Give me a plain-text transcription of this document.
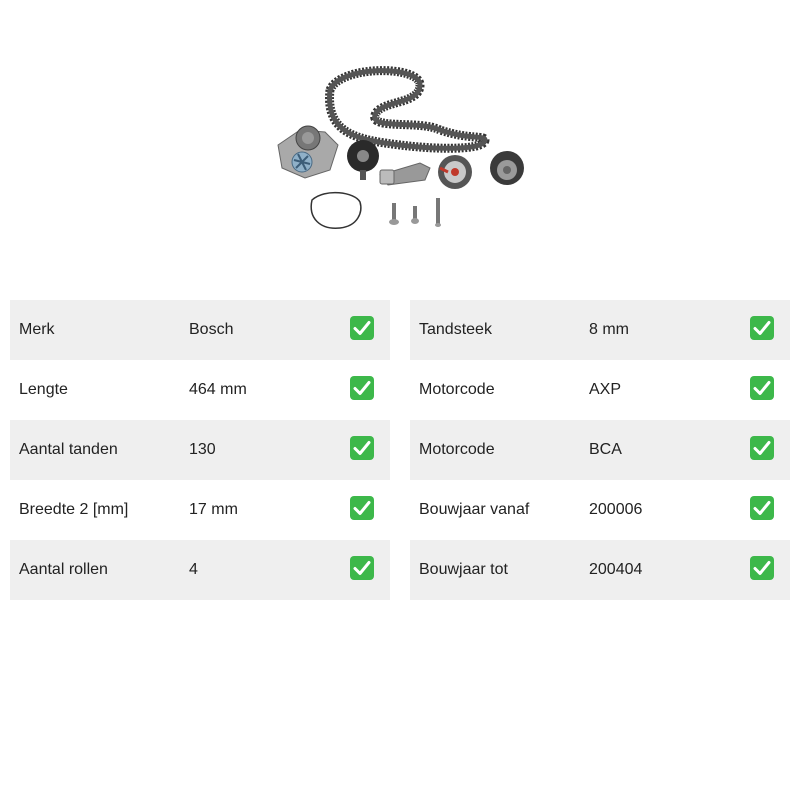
Merk	Bosch
Lengte	464 mm
Aantal tanden	130
Breedte 2 [mm]	17 mm
Aantal rollen	4
Tandsteek	8 mm
Motorcode	AXP
Motorcode	BCA
Bouwjaar vanaf	200006
Bouwjaar tot	200404
